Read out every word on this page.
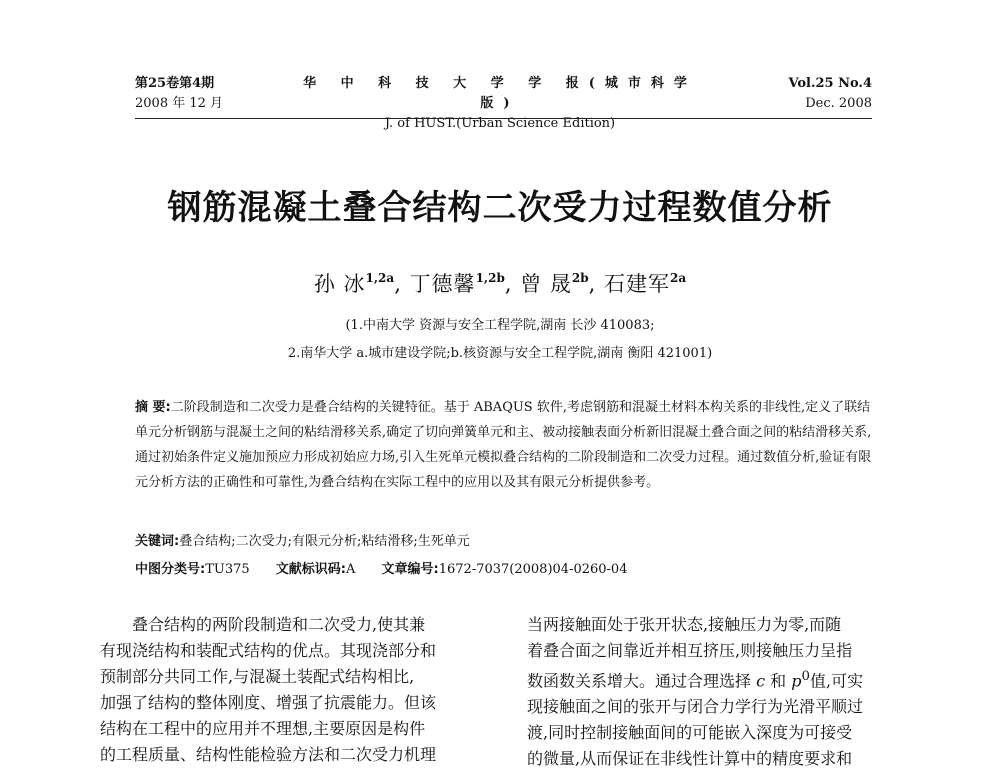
第25卷第4期
2008 年 12 月
华 中 科 技 大 学 学 报(城市科学版)
J. of HUST.(Urban Science Edition)
Vol.25 No.4
Dec. 2008
钢筋混凝土叠合结构二次受力过程数值分析
孙 冰$^{1,2a}$, 丁德馨$^{1,2b}$, 曾 晟$^{2b}$, 石建军$^{2a}$
(1.中南大学 资源与安全工程学院,湖南 长沙 410083;
2.南华大学 a.城市建设学院;b.核资源与安全工程学院,湖南 衡阳 421001)
摘 要:二阶段制造和二次受力是叠合结构的关键特征。基于 ABAQUS 软件,考虑钢筋和混凝土材料本构关系的非线性,定义了联结单元分析钢筋与混凝土之间的粘结滑移关系,确定了切向弹簧单元和主、被动接触表面分析新旧混凝土叠合面之间的粘结滑移关系,通过初始条件定义施加预应力形成初始应力场,引入生死单元模拟叠合结构的二阶段制造和二次受力过程。通过数值分析,验证有限元分析方法的正确性和可靠性,为叠合结构在实际工程中的应用以及其有限元分析提供参考。
关键词:叠合结构;二次受力;有限元分析;粘结滑移;生死单元
中图分类号:TU375 文献标识码:A 文章编号:1672-7037(2008)04-0260-04

叠合结构的两阶段制造和二次受力,使其兼

有现浇结构和装配式结构的优点。其现浇部分和

预制部分共同工作,与混凝土装配式结构相比,

加强了结构的整体刚度、增强了抗震能力。但该

结构在工程中的应用并不理想,主要原因是构件

的工程质量、结构性能检验方法和二次受力机理

当两接触面处于张开状态,接触压力为零,而随

着叠合面之间靠近并相互挤压,则接触压力呈指

数函数关系增大。通过合理选择 c 和 $p^0$值,可实

现接触面之间的张开与闭合力学行为光滑平顺过

渡,同时控制接触面间的可能嵌入深度为可接受

的微量,从而保证在非线性计算中的精度要求和
